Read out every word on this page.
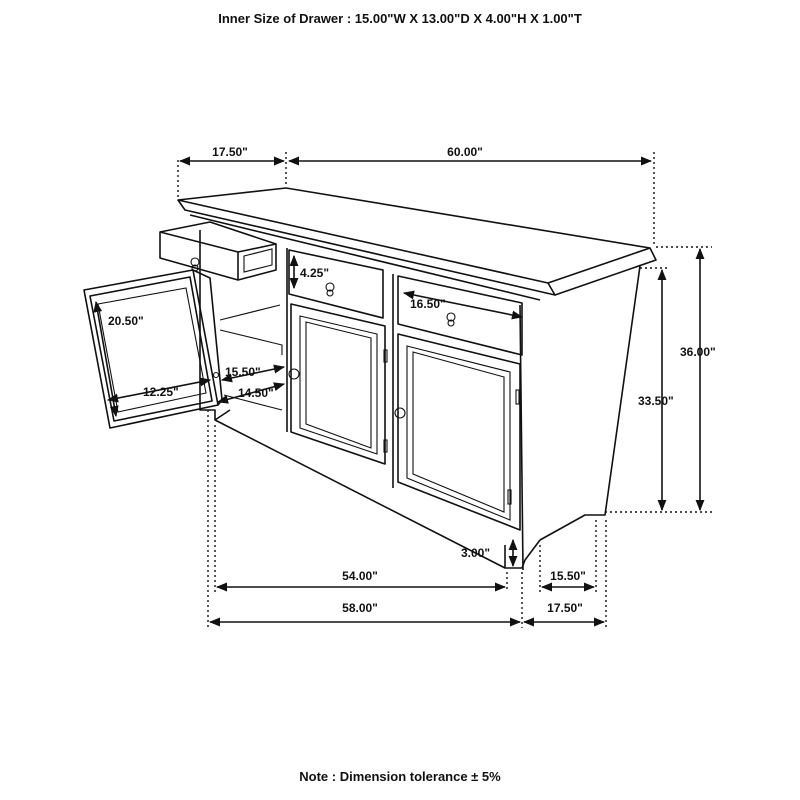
Inner Size of Drawer : 15.00"W X 13.00"D X 4.00"H X 1.00"T
17.50"	60.00"
4.25"
16.50"
20.50"
12.25"
15.50"
14.50"
33.50"
36.00"
3.00"
54.00"
58.00"
15.50"
17.50"
Note : Dimension tolerance ± 5%
